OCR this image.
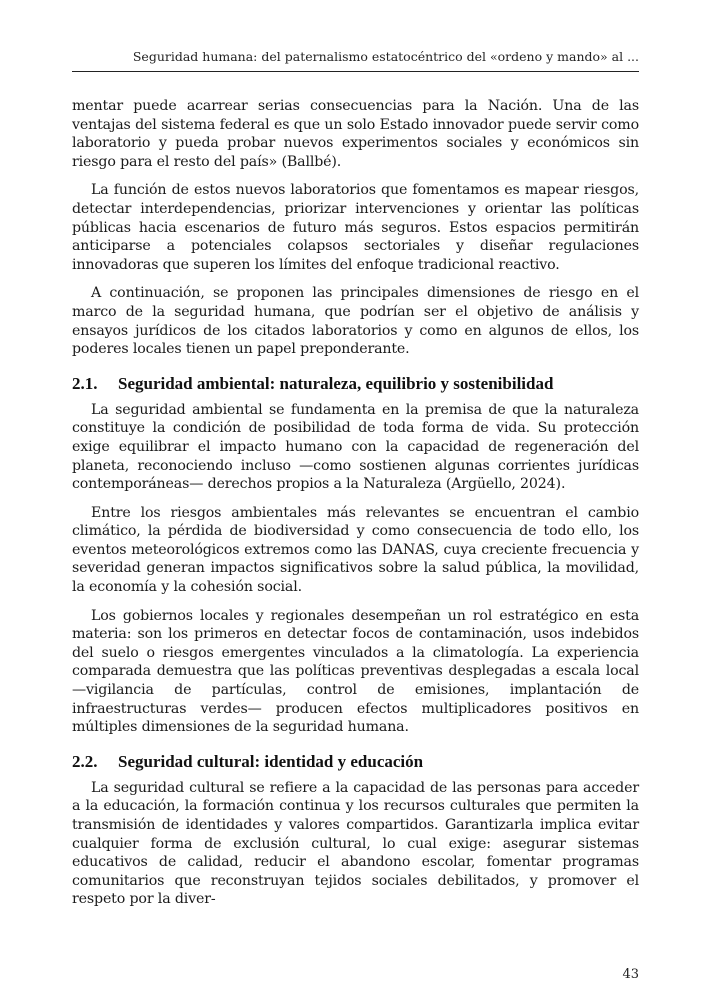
Seguridad humana: del paternalismo estatocéntrico del «ordeno y mando» al ...

mentar puede acarrear serias consecuencias para la Nación. Una de las ventajas del sistema federal es que un solo Estado innovador puede servir como laboratorio y pueda probar nuevos experimentos sociales y económicos sin riesgo para el resto del país» (Ballbé).

La función de estos nuevos laboratorios que fomentamos es mapear riesgos, detectar interdependencias, priorizar intervenciones y orientar las políticas públicas hacia escenarios de futuro más seguros. Estos espacios permitirán anticiparse a potenciales colapsos sectoriales y diseñar regulaciones innovadoras que superen los límites del enfoque tradicional reactivo.

A continuación, se proponen las principales dimensiones de riesgo en el marco de la seguridad humana, que podrían ser el objetivo de análisis y ensayos jurídicos de los citados laboratorios y como en algunos de ellos, los poderes locales tienen un papel preponderante.

2.1. Seguridad ambiental: naturaleza, equilibrio y sostenibilidad

La seguridad ambiental se fundamenta en la premisa de que la naturaleza constituye la condición de posibilidad de toda forma de vida. Su protección exige equilibrar el impacto humano con la capacidad de regeneración del planeta, reconociendo incluso —como sostienen algunas corrientes jurídicas contemporáneas— derechos propios a la Naturaleza (Argüello, 2024).

Entre los riesgos ambientales más relevantes se encuentran el cambio climático, la pérdida de biodiversidad y como consecuencia de todo ello, los eventos meteorológicos extremos como las DANAS, cuya creciente frecuencia y severidad generan impactos significativos sobre la salud pública, la movilidad, la economía y la cohesión social.

Los gobiernos locales y regionales desempeñan un rol estratégico en esta materia: son los primeros en detectar focos de contaminación, usos indebidos del suelo o riesgos emergentes vinculados a la climatología. La experiencia comparada demuestra que las políticas preventivas desplegadas a escala local —vigilancia de partículas, control de emisiones, implantación de infraestructuras verdes— producen efectos multiplicadores positivos en múltiples dimensiones de la seguridad humana.

2.2. Seguridad cultural: identidad y educación

La seguridad cultural se refiere a la capacidad de las personas para acceder a la educación, la formación continua y los recursos culturales que permiten la transmisión de identidades y valores compartidos. Garantizarla implica evitar cualquier forma de exclusión cultural, lo cual exige: asegurar sistemas educativos de calidad, reducir el abandono escolar, fomentar programas comunitarios que reconstruyan tejidos sociales debilitados, y promover el respeto por la diver-

43
